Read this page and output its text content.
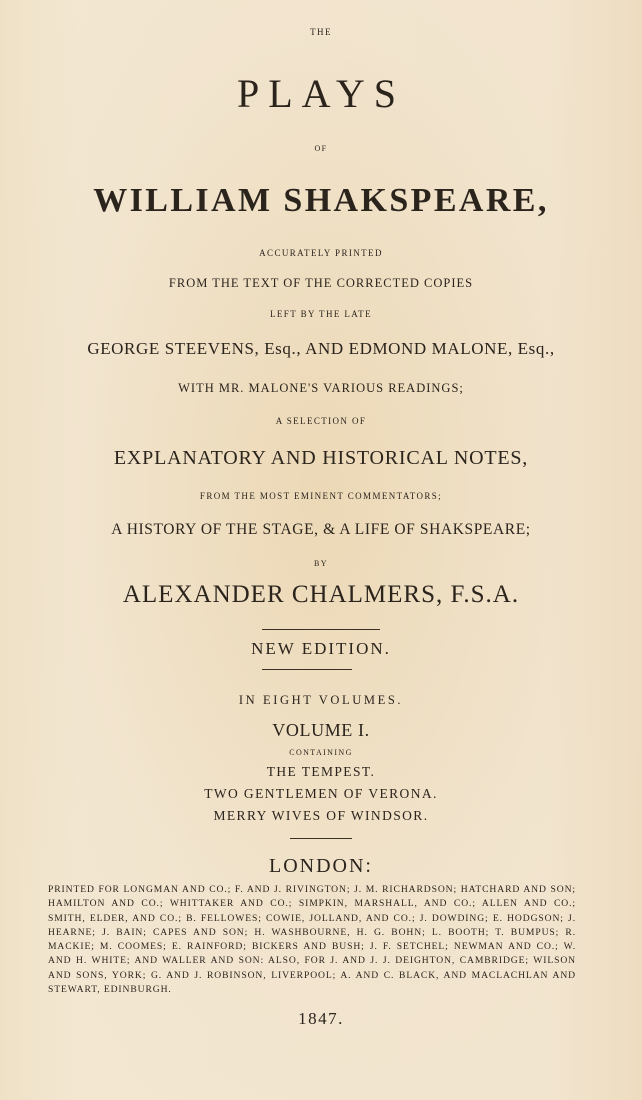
THE
PLAYS
OF
WILLIAM SHAKSPEARE,
ACCURATELY PRINTED
FROM THE TEXT OF THE CORRECTED COPIES
LEFT BY THE LATE
GEORGE STEEVENS, Esq., AND EDMOND MALONE, Esq.,
WITH MR. MALONE'S VARIOUS READINGS;
A SELECTION OF
EXPLANATORY AND HISTORICAL NOTES,
FROM THE MOST EMINENT COMMENTATORS;
A HISTORY OF THE STAGE, & A LIFE OF SHAKSPEARE;
BY
ALEXANDER CHALMERS, F.S.A.
NEW EDITION.
IN EIGHT VOLUMES.
VOLUME I.
CONTAINING
THE TEMPEST.
TWO GENTLEMEN OF VERONA.
MERRY WIVES OF WINDSOR.
LONDON:
PRINTED FOR LONGMAN AND CO.; F. AND J. RIVINGTON; J. M. RICHARDSON; HATCHARD AND SON; HAMILTON AND CO.; WHITTAKER AND CO.; SIMPKIN, MARSHALL, AND CO.; ALLEN AND CO.; SMITH, ELDER, AND CO.; B. FELLOWES; COWIE, JOLLAND, AND CO.; J. DOWDING; E. HODGSON; J. HEARNE; J. BAIN; CAPES AND SON; H. WASHBOURNE, H. G. BOHN; L. BOOTH; T. BUMPUS; R. MACKIE; M. COOMES; E. RAINFORD; BICKERS AND BUSH; J. F. SETCHEL; NEWMAN AND CO.; W. AND H. WHITE; AND WALLER AND SON: ALSO, FOR J. AND J. J. DEIGHTON, CAMBRIDGE; WILSON AND SONS, YORK; G. AND J. ROBINSON, LIVERPOOL; A. AND C. BLACK, AND MACLACHLAN AND STEWART, EDINBURGH.
1847.
